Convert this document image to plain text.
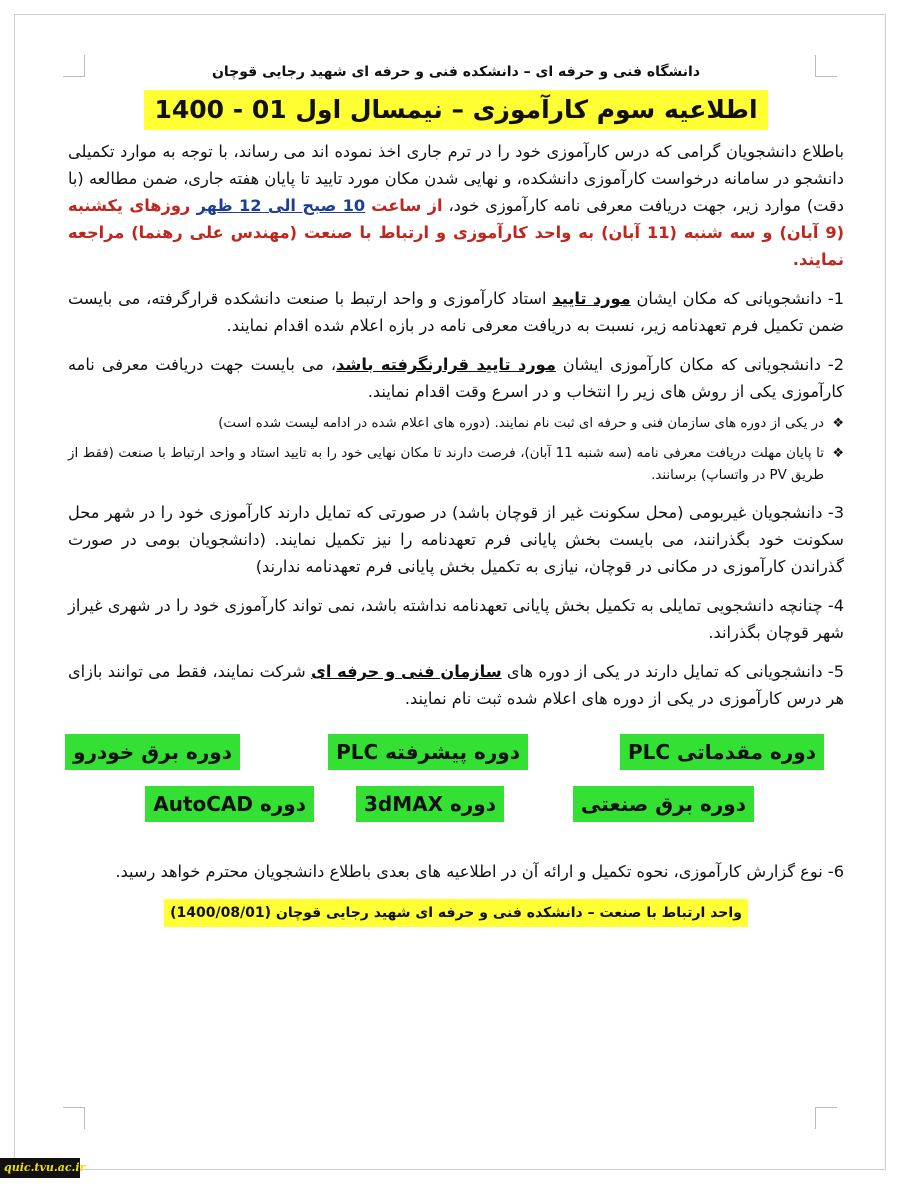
دانشگاه فنی و حرفه ای – دانشکده فنی و حرفه ای شهید رجایی قوچان
اطلاعیه سوم کارآموزی – نیمسال اول 01 - 1400

باطلاع دانشجویان گرامی که درس کارآموزی خود را در ترم جاری اخذ نموده اند می رساند، با توجه به موارد تکمیلی دانشجو در سامانه درخواست کارآموزی دانشکده، و نهایی شدن مکان مورد تایید تا پایان هفته جاری، ضمن مطالعه (با دقت) موارد زیر، جهت دریافت معرفی نامه کارآموزی خود، از ساعت 10 صبح الی 12 ظهر روزهای یکشنبه (9 آبان) و سه شنبه (11 آبان) به واحد کارآموزی و ارتباط با صنعت (مهندس علی رهنما) مراجعه نمایند.

1- دانشجویانی که مکان ایشان مورد تایید استاد کارآموزی و واحد ارتبط با صنعت دانشکده قرارگرفته، می بایست ضمن تکمیل فرم تعهدنامه زیر، نسبت به دریافت معرفی نامه در بازه اعلام شده اقدام نمایند.

2- دانشجویانی که مکان کارآموزی ایشان مورد تایید قرارنگرفته باشد، می بایست جهت دریافت معرفی نامه کارآموزی یکی از روش های زیر را انتخاب و در اسرع وقت اقدام نمایند.

❖
در یکی از دوره های سازمان فنی و حرفه ای ثبت نام نمایند. (دوره های اعلام شده در ادامه لیست شده است)
❖
تا پایان مهلت دریافت معرفی نامه (سه شنبه 11 آبان)، فرصت دارند تا مکان نهایی خود را به تایید استاد و واحد ارتباط با صنعت (فقط از طریق PV در واتساپ) برسانند.

3- دانشجویان غیربومی (محل سکونت غیر از قوچان باشد) در صورتی که تمایل دارند کارآموزی خود را در شهر محل سکونت خود بگذرانند، می بایست بخش پایانی فرم تعهدنامه را نیز تکمیل نمایند. (دانشجویان بومی در صورت گذراندن کارآموزی در مکانی در قوچان، نیازی به تکمیل بخش پایانی فرم تعهدنامه ندارند)

4- چنانچه دانشجویی تمایلی به تکمیل بخش پایانی تعهدنامه نداشته باشد، نمی تواند کارآموزی خود را در شهری غیراز شهر قوچان بگذراند.

5- دانشجویانی که تمایل دارند در یکی از دوره های سازمان فنی و حرفه ای شرکت نمایند، فقط می توانند بازای هر درس کارآموزی در یکی از دوره های اعلام شده ثبت نام نمایند.

دوره مقدماتی PLC
دوره پیشرفته PLC
دوره برق خودرو
دوره برق صنعتی
دوره 3dMAX
دوره AutoCAD

6- نوع گزارش کارآموزی، نحوه تکمیل و ارائه آن در اطلاعیه های بعدی باطلاع دانشجویان محترم خواهد رسید.

واحد ارتباط با صنعت – دانشکده فنی و حرفه ای شهید رجایی قوچان (1400/08/01)
quic.tvu.ac.ir
